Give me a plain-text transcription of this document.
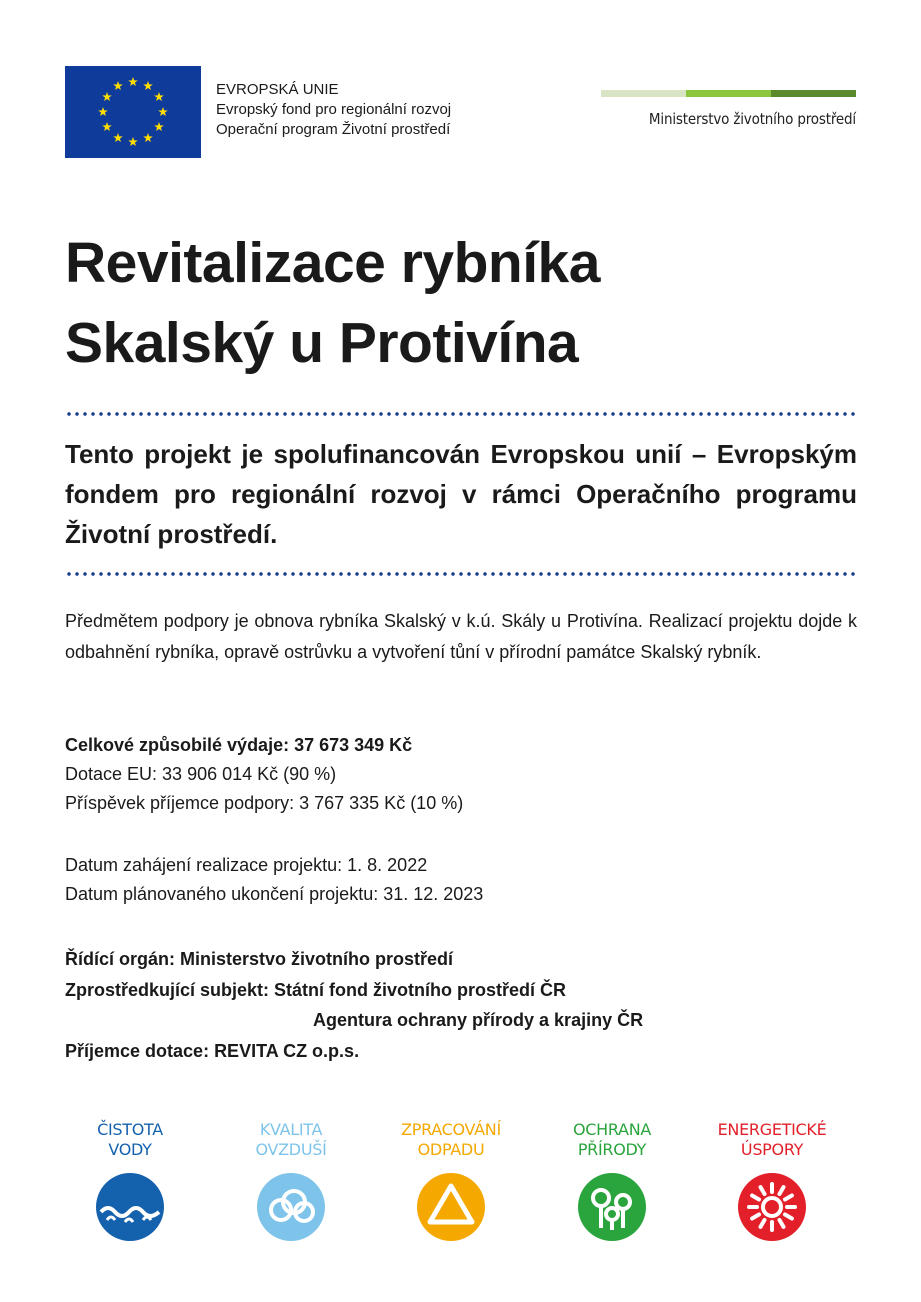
EVROPSKÁ UNIE
Evropský fond pro regionální rozvoj
Operační program Životní prostředí
Ministerstvo životního prostředí
Revitalizace rybníka
Skalský u Protivína

Tento projekt je spolufinancován Evropskou unií – Evropským fondem pro regionální rozvoj v rámci Operačního programu Životní prostředí.

Předmětem podpory je obnova rybníka Skalský v k.ú. Skály u Protivína. Realizací projektu dojde k odbahnění rybníka, opravě ostrůvku a vytvoření tůní v přírodní památce Skalský rybník.

Celkové způsobilé výdaje: 37 673 349 Kč
Dotace EU: 33 906 014 Kč (90 %)
Příspěvek příjemce podpory: 3 767 335 Kč (10 %)
Datum zahájení realizace projektu: 1. 8. 2022
Datum plánovaného ukončení projektu: 31. 12. 2023
Řídící orgán: Ministerstvo životního prostředí
Zprostředkující subjekt: Státní fond životního prostředí ČR
Agentura ochrany přírody a krajiny ČR
Příjemce dotace: REVITA CZ o.p.s.
ČISTOTA
VODY
KVALITA
OVZDUŠÍ
ZPRACOVÁNÍ
ODPADU
OCHRANA
PŘÍRODY
ENERGETICKÉ
ÚSPORY
